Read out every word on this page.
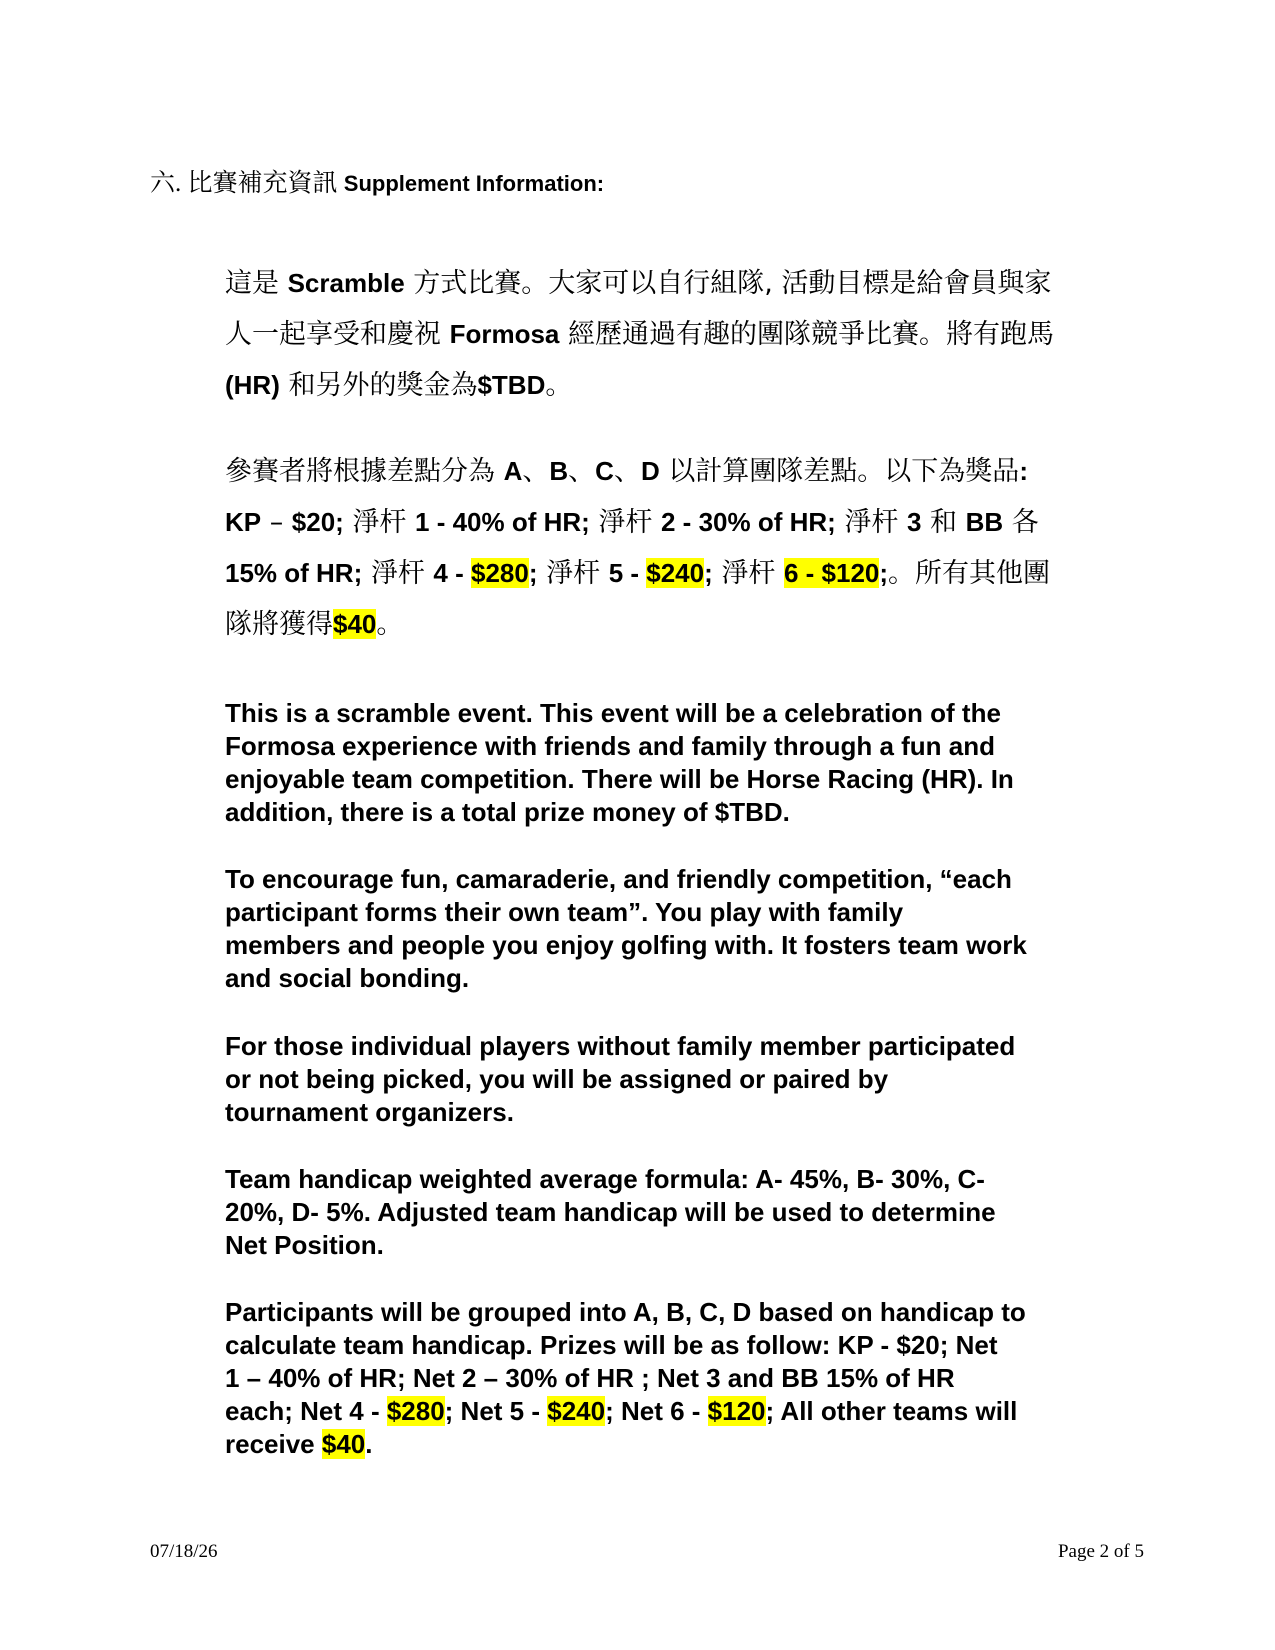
六. 比賽補充資訊 Supplement Information:
這是 Scramble 方式比賽。大家可以自行組隊, 活動目標是給會員與家
人一起享受和慶祝 Formosa 經歷通過有趣的團隊競爭比賽。將有跑馬
(HR) 和另外的獎金為$TBD。
參賽者將根據差點分為 A、B、C、D 以計算團隊差點。以下為獎品:
KP – $20; 淨杆 1 - 40% of HR; 淨杆 2 - 30% of HR; 淨杆 3 和 BB 各
15% of HR; 淨杆 4 - $280; 淨杆 5 - $240; 淨杆 6 - $120;。所有其他團
隊將獲得$40。
This is a scramble event. This event will be a celebration of the
Formosa experience with friends and family through a fun and
enjoyable team competition. There will be Horse Racing (HR). In
addition, there is a total prize money of $TBD.
To encourage fun, camaraderie, and friendly competition, “each
participant forms their own team”. You play with family
members and people you enjoy golfing with. It fosters team work
and social bonding.
For those individual players without family member participated
or not being picked, you will be assigned or paired by
tournament organizers.
Team handicap weighted average formula: A- 45%, B- 30%, C-
20%, D- 5%. Adjusted team handicap will be used to determine
Net Position.
Participants will be grouped into A, B, C, D based on handicap to
calculate team handicap. Prizes will be as follow: KP - $20; Net
1 – 40% of HR; Net 2 – 30% of HR ; Net 3 and BB 15% of HR
each; Net 4 - $280; Net 5 - $240; Net 6 - $120; All other teams will
receive $40.
07/18/26	Page 2 of 5
